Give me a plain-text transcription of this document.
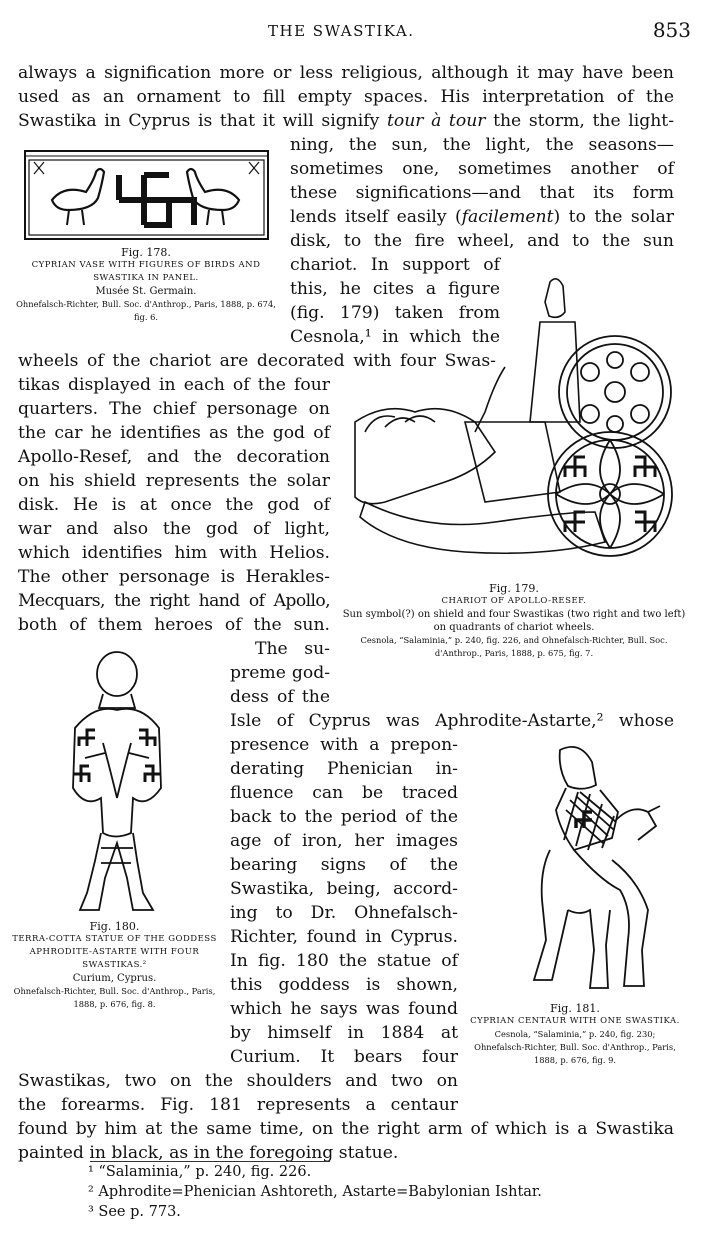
THE SWASTIKA.	853
always a signification more or less religious, although it may have been
used as an ornament to fill empty spaces. His interpretation of the
Swastika in Cyprus is that it will signify tour à tour the storm, the light-
ning, the sun, the light, the seasons—
sometimes one, sometimes another of
these significations—and that its form
lends itself easily (facilement) to the solar
disk, to the fire wheel, and to the sun
chariot. In support of
this, he cites a figure
(fig. 179) taken from
Cesnola,¹ in which the
wheels of the chariot are decorated with four Swas-
tikas displayed in each of the four
quarters. The chief personage on
the car he identifies as the god of
Apollo-Resef, and the decoration
on his shield represents the solar
disk. He is at once the god of
war and also the god of light,
which identifies him with Helios.
The other personage is Herakles-
Mecquars, the right hand of Apollo,
both of them heroes of the sun.
The su-
preme god-
dess of the
Isle of Cyprus was Aphrodite-Astarte,² whose
presence with a prepon-
derating Phenician in-
fluence can be traced
back to the period of the
age of iron, her images
bearing signs of the
Swastika, being, accord-
ing to Dr. Ohnefalsch-
Richter, found in Cyprus.
In fig. 180 the statue of
this goddess is shown,
which he says was found
by himself in 1884 at
Curium. It bears four
Swastikas, two on the shoulders and two on
the forearms. Fig. 181 represents a centaur
found by him at the same time, on the right arm of which is a Swastika
painted in black, as in the foregoing statue.
Fig. 178.
CYPRIAN VASE WITH FIGURES OF BIRDS AND SWASTIKA IN PANEL.
Musée St. Germain.
Ohnefalsch-Richter, Bull. Soc. d'Anthrop., Paris, 1888, p. 674, fig. 6.
Fig. 179.
CHARIOT OF APOLLO-RESEF.
Sun symbol(?) on shield and four Swastikas (two right and two left) on quadrants of chariot wheels.
Cesnola, “Salaminia,” p. 240, fig. 226, and Ohnefalsch-Richter, Bull. Soc. d'Anthrop., Paris, 1888, p. 675, fig. 7.
Fig. 180.
TERRA-COTTA STATUE OF THE GODDESS APHRODITE-ASTARTE WITH FOUR SWASTIKAS.²
Curium, Cyprus.
Ohnefalsch-Richter, Bull. Soc. d'Anthrop., Paris, 1888, p. 676, fig. 8.	Fig. 181.
CYPRIAN CENTAUR WITH ONE SWASTIKA.
Cesnola, “Salaminia,” p. 240, fig. 230; Ohnefalsch-Richter, Bull. Soc. d'Anthrop., Paris, 1888, p. 676, fig. 9.
¹ “Salaminia,” p. 240, fig. 226.
² Aphrodite=Phenician Ashtoreth, Astarte=Babylonian Ishtar.
³ See p. 773.
